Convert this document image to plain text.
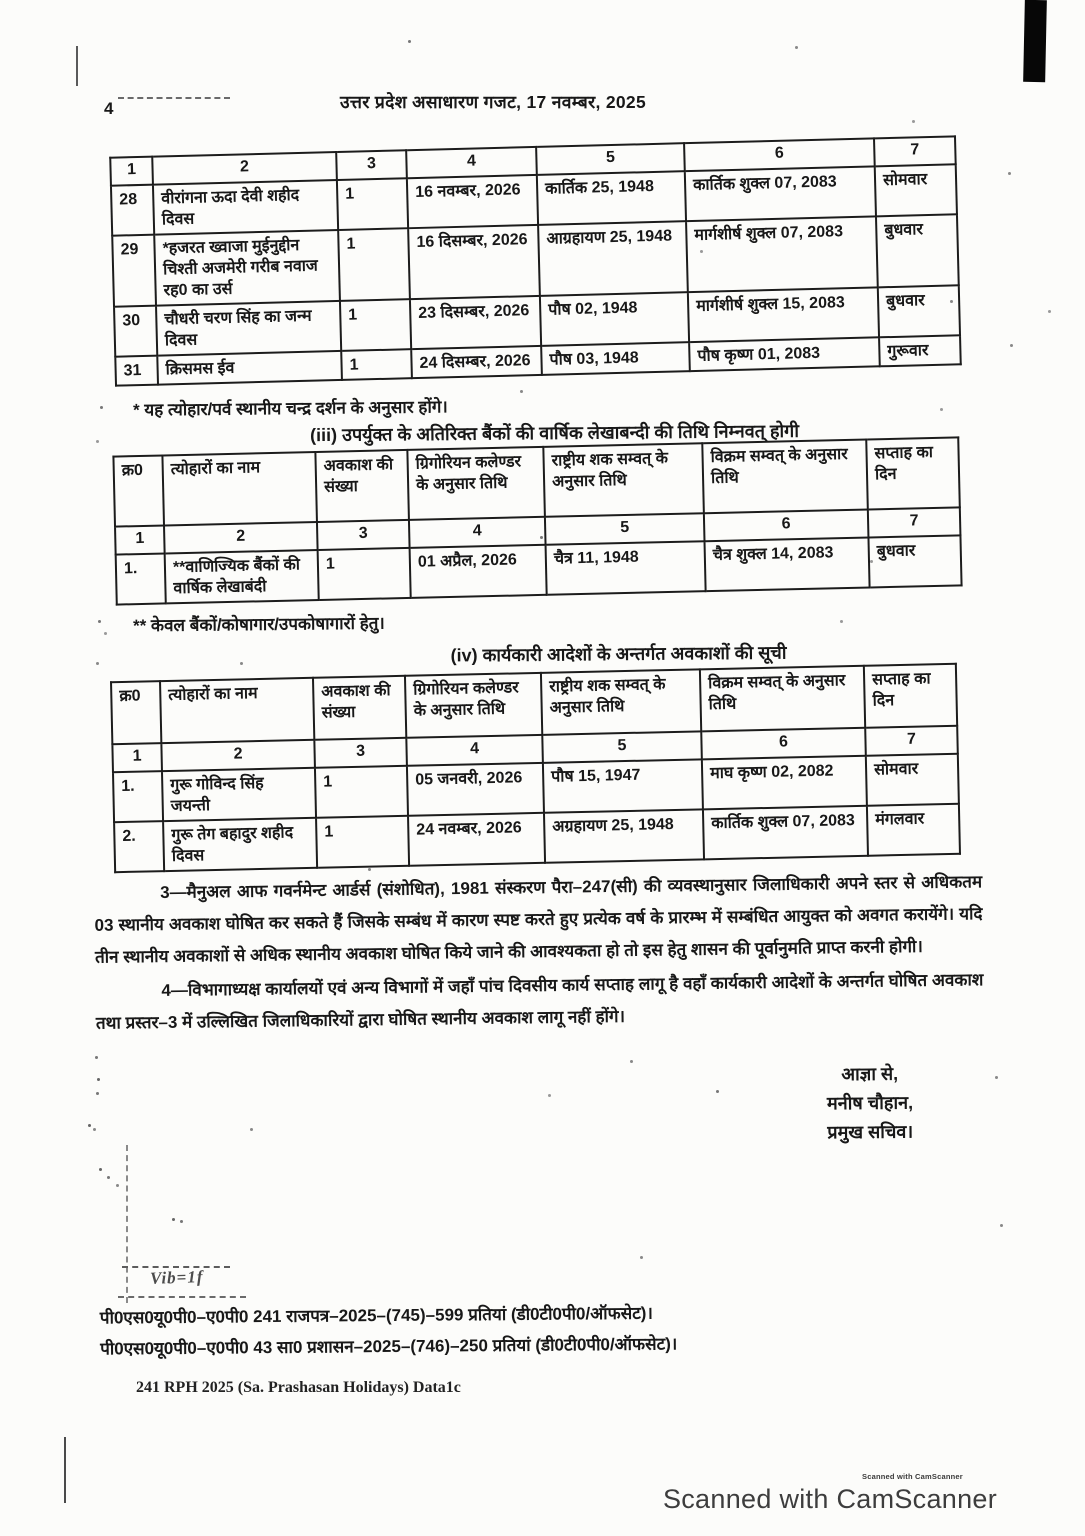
Vib=1f
4	उत्तर प्रदेश असाधारण गजट, 17 नवम्बर, 2025
1	2	3	4	5	6	7
28	वीरांगना ऊदा देवी शहीद दिवस	1	16 नवम्बर, 2026	कार्तिक 25, 1948	कार्तिक शुक्ल 07, 2083	सोमवार
29	*हजरत ख्वाजा मुईनुद्दीन चिश्ती अजमेरी गरीब नवाज रह0 का उर्स	1	16 दिसम्बर, 2026	आग्रहायण 25, 1948	मार्गशीर्ष शुक्ल 07, 2083	बुधवार
30	चौधरी चरण सिंह का जन्म दिवस	1	23 दिसम्बर, 2026	पौष 02, 1948	मार्गशीर्ष शुक्ल 15, 2083	बुधवार
31	क्रिसमस ईव	1	24 दिसम्बर, 2026	पौष 03, 1948	पौष कृष्ण 01, 2083	गुरूवार
* यह त्योहार/पर्व स्थानीय चन्द्र दर्शन के अनुसार होंगे।
(iii) उपर्युक्त के अतिरिक्त बैंकों की वार्षिक लेखाबन्दी की तिथि निम्नवत् होगी
क्र0	त्योहारों का नाम	अवकाश की संख्या	ग्रिगोरियन कलेण्डर के अनुसार तिथि	राष्ट्रीय शक सम्वत् के अनुसार तिथि	विक्रम सम्वत् के अनुसार तिथि	सप्ताह का दिन
1	2	3	4	5	6	7
1.	**वाणिज्यिक बैंकों की वार्षिक लेखाबंदी	1	01 अप्रैल, 2026	चैत्र 11, 1948	चैत्र शुक्ल 14, 2083	बुधवार
** केवल बैंकों/कोषागार/उपकोषागारों हेतु।
(iv) कार्यकारी आदेशों के अन्तर्गत अवकाशों की सूची
क्र0	त्योहारों का नाम	अवकाश की संख्या	ग्रिगोरियन कलेण्डर के अनुसार तिथि	राष्ट्रीय शक सम्वत् के अनुसार तिथि	विक्रम सम्वत् के अनुसार तिथि	सप्ताह का दिन
1	2	3	4	5	6	7
1.	गुरू गोविन्द सिंह जयन्ती	1	05 जनवरी, 2026	पौष 15, 1947	माघ कृष्ण 02, 2082	सोमवार
2.	गुरू तेग बहादुर शहीद दिवस	1	24 नवम्बर, 2026	अग्रहायण 25, 1948	कार्तिक शुक्ल 07, 2083	मंगलवार

3—मैनुअल आफ गवर्नमेन्ट आर्डर्स (संशोधित), 1981 संस्करण पैरा–247(सी) की व्यवस्थानुसार जिलाधिकारी अपने स्तर से अधिकतम 03 स्थानीय अवकाश घोषित कर सकते हैं जिसके सम्बंध में कारण स्पष्ट करते हुए प्रत्येक वर्ष के प्रारम्भ में सम्बंधित आयुक्त को अवगत करायेंगे। यदि तीन स्थानीय अवकाशों से अधिक स्थानीय अवकाश घोषित किये जाने की आवश्यकता हो तो इस हेतु शासन की पूर्वानुमति प्राप्त करनी होगी।

4—विभागाध्यक्ष कार्यालयों एवं अन्य विभागों में जहाँ पांच दिवसीय कार्य सप्ताह लागू है वहाँ कार्यकारी आदेशों के अन्तर्गत घोषित अवकाश तथा प्रस्तर–3 में उल्लिखित जिलाधिकारियों द्वारा घोषित स्थानीय अवकाश लागू नहीं होंगे।

आज्ञा से,
मनीष चौहान,
प्रमुख सचिव।
पी0एस0यू0पी0–ए0पी0 241 राजपत्र–2025–(745)–599 प्रतियां (डी0टी0पी0/ऑफसेट)।
पी0एस0यू0पी0–ए0पी0 43 सा0 प्रशासन–2025–(746)–250 प्रतियां (डी0टी0पी0/ऑफसेट)।
241 RPH 2025 (Sa. Prashasan Holidays) Data1c
Scanned with CamScanner
Scanned with CamScanner
